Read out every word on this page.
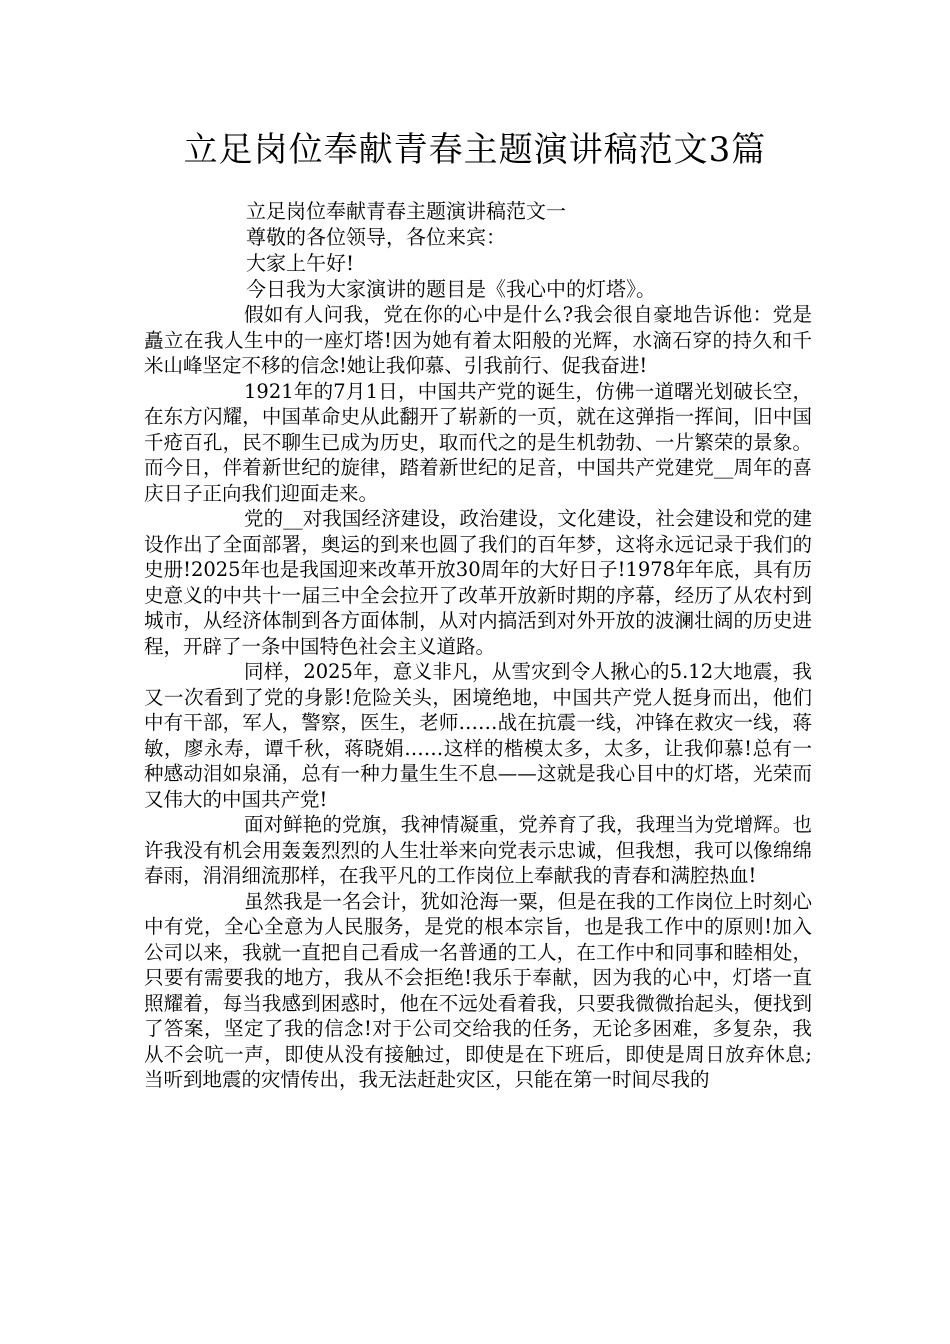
立足岗位奉献青春主题演讲稿范文3篇
立足岗位奉献青春主题演讲稿范文一
尊敬的各位领导，各位来宾：
大家上午好!
今日我为大家演讲的题目是《我心中的灯塔》。

假如有人问我，党在你的心中是什么?我会很自豪地告诉他：党是矗立在我人生中的一座灯塔!因为她有着太阳般的光辉，水滴石穿的持久和千米山峰坚定不移的信念!她让我仰慕、引我前行、促我奋进!

1921年的7月1日，中国共产党的诞生，仿佛一道曙光划破长空，在东方闪耀，中国革命史从此翻开了崭新的一页，就在这弹指一挥间，旧中国千疮百孔，民不聊生已成为历史，取而代之的是生机勃勃、一片繁荣的景象。而今日，伴着新世纪的旋律，踏着新世纪的足音，中国共产党建党__周年的喜庆日子正向我们迎面走来。

党的__对我国经济建设，政治建设，文化建设，社会建设和党的建设作出了全面部署，奥运的到来也圆了我们的百年梦，这将永远记录于我们的史册!2025年也是我国迎来改革开放30周年的大好日子!1978年年底，具有历史意义的中共十一届三中全会拉开了改革开放新时期的序幕，经历了从农村到城市，从经济体制到各方面体制，从对内搞活到对外开放的波澜壮阔的历史进程，开辟了一条中国特色社会主义道路。

同样，2025年，意义非凡，从雪灾到令人揪心的5.12大地震，我又一次看到了党的身影!危险关头，困境绝地，中国共产党人挺身而出，他们中有干部，军人，警察，医生，老师……战在抗震一线，冲锋在救灾一线，蒋敏，廖永寿，谭千秋，蒋晓娟……这样的楷模太多，太多，让我仰慕!总有一种感动泪如泉涌，总有一种力量生生不息——这就是我心目中的灯塔，光荣而又伟大的中国共产党!

面对鲜艳的党旗，我神情凝重，党养育了我，我理当为党增辉。也许我没有机会用轰轰烈烈的人生壮举来向党表示忠诚，但我想，我可以像绵绵春雨，涓涓细流那样，在我平凡的工作岗位上奉献我的青春和满腔热血!

虽然我是一名会计，犹如沧海一粟，但是在我的工作岗位上时刻心中有党，全心全意为人民服务，是党的根本宗旨，也是我工作中的原则!加入公司以来，我就一直把自己看成一名普通的工人，在工作中和同事和睦相处，只要有需要我的地方，我从不会拒绝!我乐于奉献，因为我的心中，灯塔一直照耀着，每当我感到困惑时，他在不远处看着我，只要我微微抬起头，便找到了答案，坚定了我的信念!对于公司交给我的任务，无论多困难，多复杂，我从不会吭一声，即使从没有接触过，即使是在下班后，即使是周日放弃休息;当听到地震的灾情传出，我无法赶赴灾区，只能在第一时间尽我的
